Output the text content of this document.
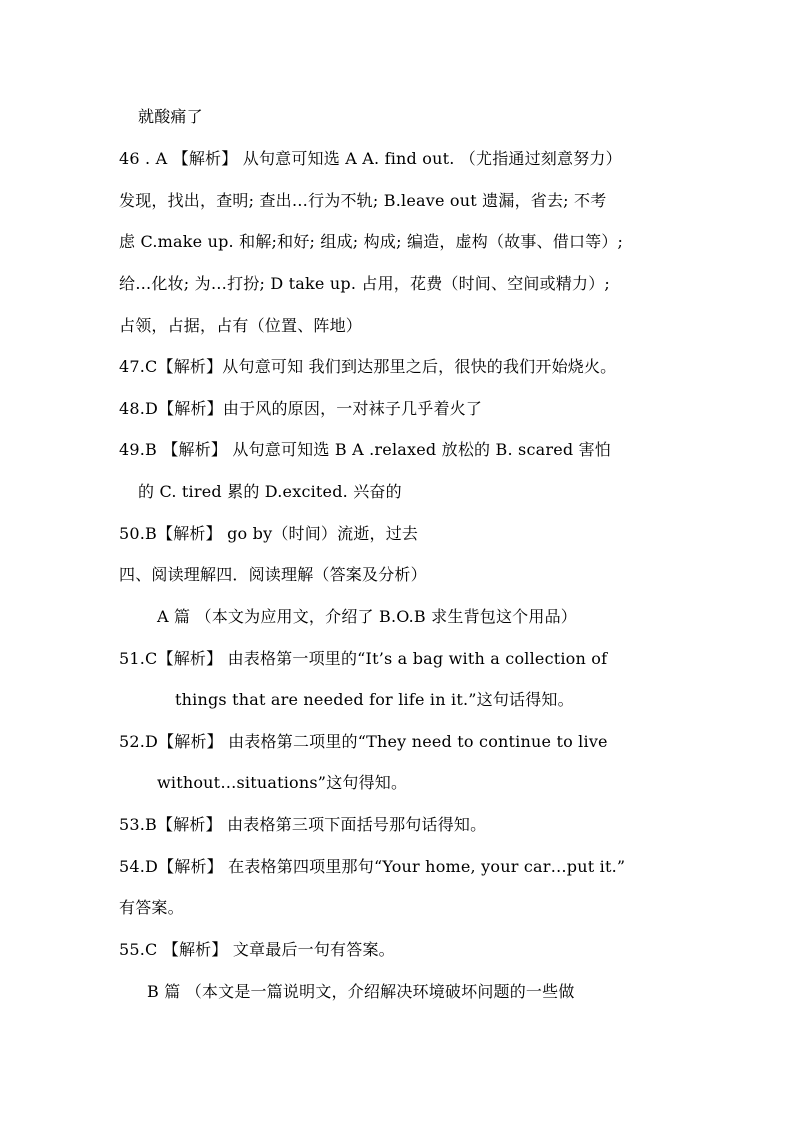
就酸痛了
46 . A 【解析】 从句意可知选 A A. find out. （尤指通过刻意努力）
发现，找出，查明; 查出…行为不轨; B.leave out 遗漏，省去; 不考
虑 C.make up. 和解;和好; 组成; 构成; 编造，虚构（故事、借口等）;
给…化妆; 为…打扮; D take up. 占用，花费（时间、空间或精力）;
占领，占据，占有（位置、阵地）
47.C【解析】从句意可知 我们到达那里之后，很快的我们开始烧火。
48.D【解析】由于风的原因，一对袜子几乎着火了
49.B 【解析】 从句意可知选 B A .relaxed 放松的 B. scared 害怕
的 C. tired 累的 D.excited. 兴奋的
50.B【解析】 go by（时间）流逝，过去
四、阅读理解四．阅读理解（答案及分析）
A 篇 （本文为应用文，介绍了 B.O.B 求生背包这个用品）
51.C【解析】 由表格第一项里的“It’s a bag with a collection of
things that are needed for life in it.”这句话得知。
52.D【解析】 由表格第二项里的“They need to continue to live
without…situations”这句得知。
53.B【解析】 由表格第三项下面括号那句话得知。
54.D【解析】 在表格第四项里那句“Your home, your car…put it.”
有答案。
55.C 【解析】 文章最后一句有答案。
B 篇 （本文是一篇说明文，介绍解决环境破坏问题的一些做
